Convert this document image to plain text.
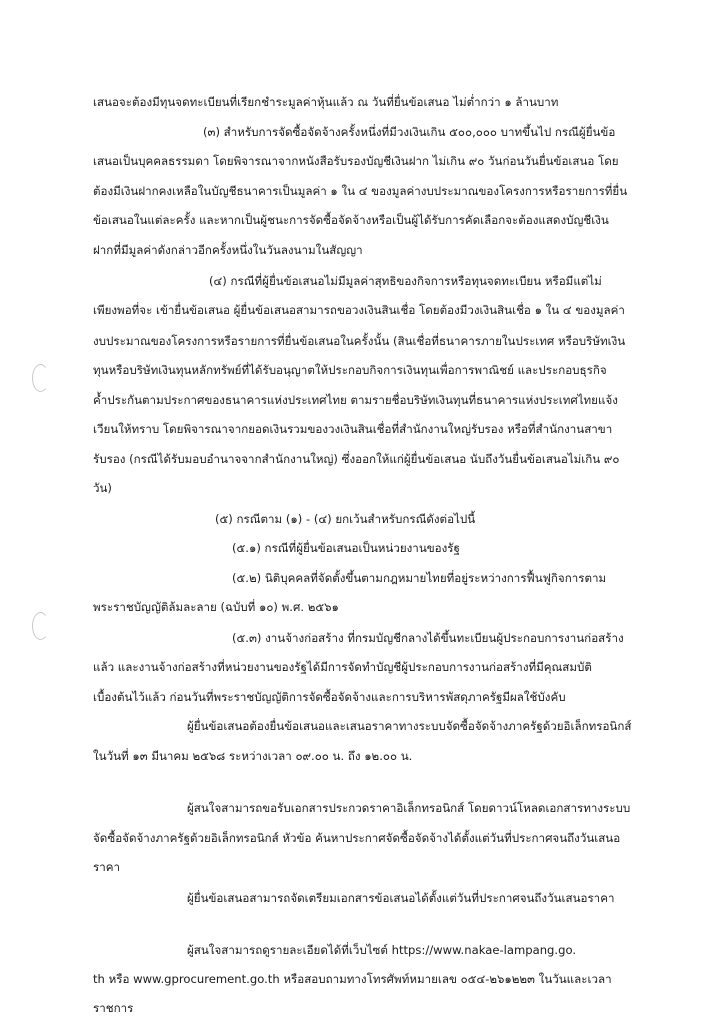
เสนอจะต้องมีทุนจดทะเบียนที่เรียกชำระมูลค่าหุ้นแล้ว ณ วันที่ยื่นข้อเสนอ ไม่ต่ำกว่า ๑ ล้านบาท
(๓) สำหรับการจัดซื้อจัดจ้างครั้งหนึ่งที่มีวงเงินเกิน ๕๐๐,๐๐๐ บาทขึ้นไป กรณีผู้ยื่นข้อ
เสนอเป็นบุคคลธรรมดา โดยพิจารณาจากหนังสือรับรองบัญชีเงินฝาก ไม่เกิน ๙๐ วันก่อนวันยื่นข้อเสนอ โดย
ต้องมีเงินฝากคงเหลือในบัญชีธนาคารเป็นมูลค่า ๑ ใน ๔ ของมูลค่างบประมาณของโครงการหรือรายการที่ยื่น
ข้อเสนอในแต่ละครั้ง และหากเป็นผู้ชนะการจัดซื้อจัดจ้างหรือเป็นผู้ได้รับการคัดเลือกจะต้องแสดงบัญชีเงิน
ฝากที่มีมูลค่าดังกล่าวอีกครั้งหนึ่งในวันลงนามในสัญญา
(๔) กรณีที่ผู้ยื่นข้อเสนอไม่มีมูลค่าสุทธิของกิจการหรือทุนจดทะเบียน หรือมีแต่ไม่
เพียงพอที่จะ เข้ายื่นข้อเสนอ ผู้ยื่นข้อเสนอสามารถขอวงเงินสินเชื่อ โดยต้องมีวงเงินสินเชื่อ ๑ ใน ๔ ของมูลค่า
งบประมาณของโครงการหรือรายการที่ยื่นข้อเสนอในครั้งนั้น (สินเชื่อที่ธนาคารภายในประเทศ หรือบริษัทเงิน
ทุนหรือบริษัทเงินทุนหลักทรัพย์ที่ได้รับอนุญาตให้ประกอบกิจการเงินทุนเพื่อการพาณิชย์ และประกอบธุรกิจ
ค้ำประกันตามประกาศของธนาคารแห่งประเทศไทย ตามรายชื่อบริษัทเงินทุนที่ธนาคารแห่งประเทศไทยแจ้ง
เวียนให้ทราบ โดยพิจารณาจากยอดเงินรวมของวงเงินสินเชื่อที่สำนักงานใหญ่รับรอง หรือที่สำนักงานสาขา
รับรอง (กรณีได้รับมอบอำนาจจากสำนักงานใหญ่) ซึ่งออกให้แก่ผู้ยื่นข้อเสนอ นับถึงวันยื่นข้อเสนอไม่เกิน ๙๐
วัน)
(๕) กรณีตาม (๑) - (๔) ยกเว้นสำหรับกรณีดังต่อไปนี้
(๕.๑) กรณีที่ผู้ยื่นข้อเสนอเป็นหน่วยงานของรัฐ
(๕.๒) นิติบุคคลที่จัดตั้งขึ้นตามกฎหมายไทยที่อยู่ระหว่างการฟื้นฟูกิจการตาม
พระราชบัญญัติล้มละลาย (ฉบับที่ ๑๐) พ.ศ. ๒๕๖๑
(๕.๓) งานจ้างก่อสร้าง ที่กรมบัญชีกลางได้ขึ้นทะเบียนผู้ประกอบการงานก่อสร้าง
แล้ว และงานจ้างก่อสร้างที่หน่วยงานของรัฐได้มีการจัดทำบัญชีผู้ประกอบการงานก่อสร้างที่มีคุณสมบัติ
เบื้องต้นไว้แล้ว ก่อนวันที่พระราชบัญญัติการจัดซื้อจัดจ้างและการบริหารพัสดุภาครัฐมีผลใช้บังคับ
ผู้ยื่นข้อเสนอต้องยื่นข้อเสนอและเสนอราคาทางระบบจัดซื้อจัดจ้างภาครัฐด้วยอิเล็กทรอนิกส์
ในวันที่ ๑๓ มีนาคม ๒๕๖๘ ระหว่างเวลา ๐๙.๐๐ น. ถึง ๑๒.๐๐ น.
ผู้สนใจสามารถขอรับเอกสารประกวดราคาอิเล็กทรอนิกส์ โดยดาวน์โหลดเอกสารทางระบบ
จัดซื้อจัดจ้างภาครัฐด้วยอิเล็กทรอนิกส์ หัวข้อ ค้นหาประกาศจัดซื้อจัดจ้างได้ตั้งแต่วันที่ประกาศจนถึงวันเสนอ
ราคา
ผู้ยื่นข้อเสนอสามารถจัดเตรียมเอกสารข้อเสนอได้ตั้งแต่วันที่ประกาศจนถึงวันเสนอราคา
ผู้สนใจสามารถดูรายละเอียดได้ที่เว็บไซต์ https://www.nakae-lampang.go.
th หรือ www.gprocurement.go.th หรือสอบถามทางโทรศัพท์หมายเลข ๐๕๔-๒๖๑๒๒๓ ในวันและเวลา
ราชการ
